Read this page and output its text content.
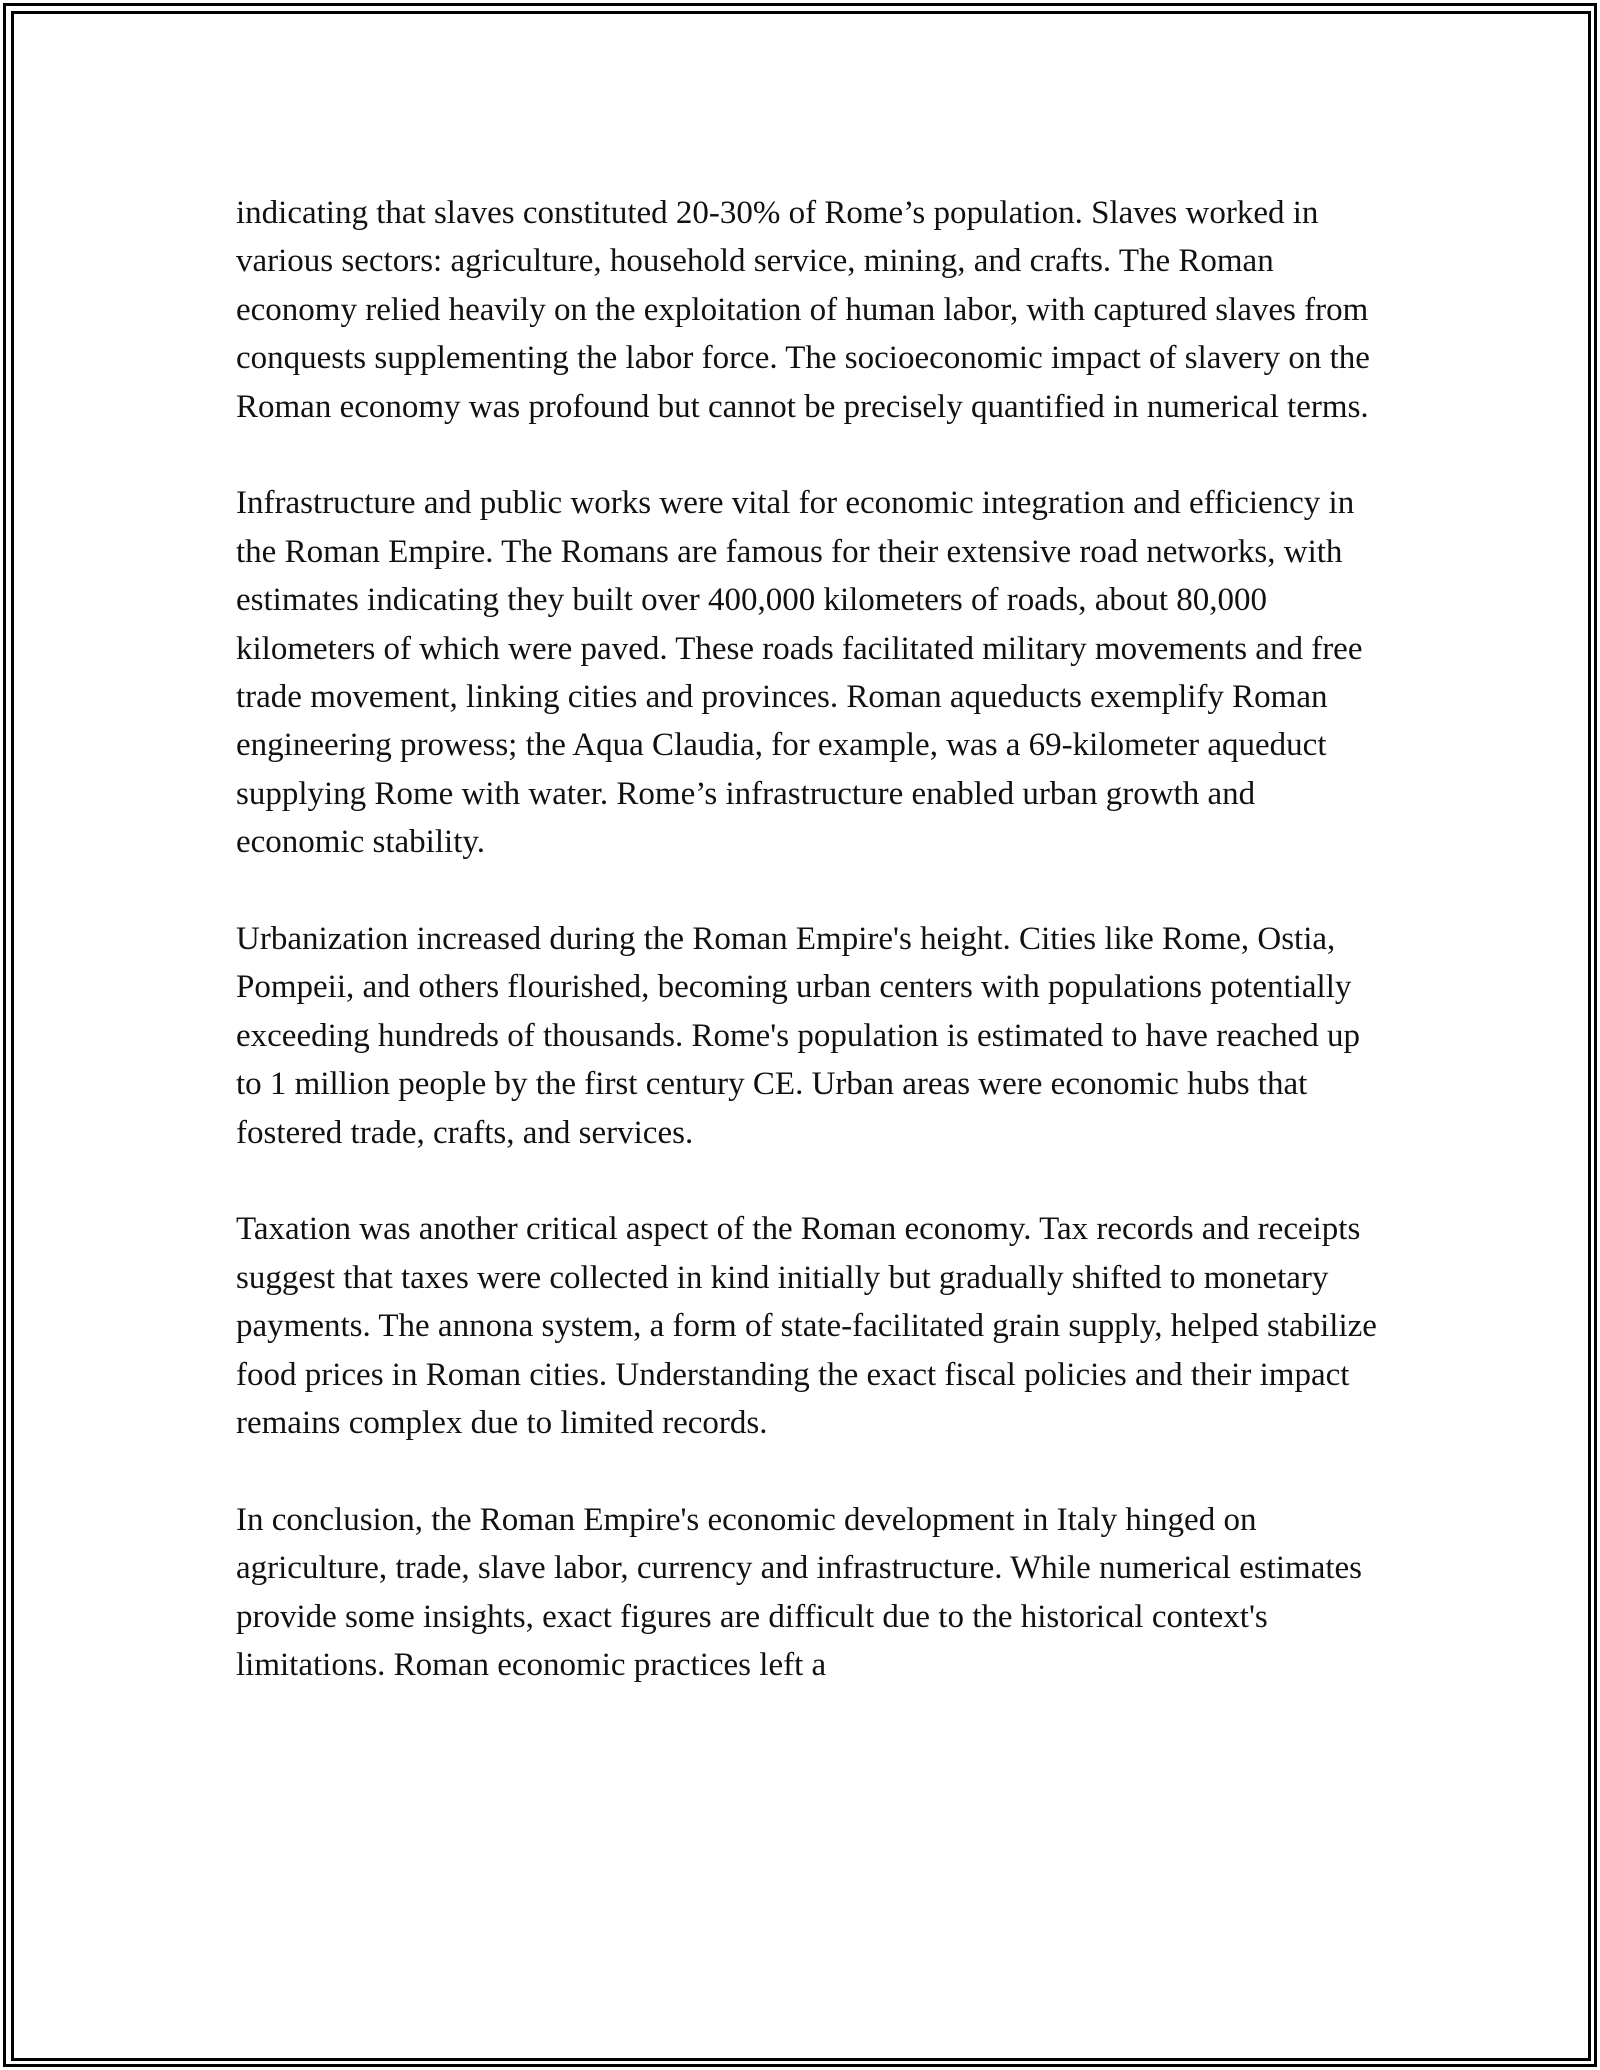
indicating that slaves constituted 20-30% of Rome’s population. Slaves worked in various sectors: agriculture, household service, mining, and crafts. The Roman economy relied heavily on the exploitation of human labor, with captured slaves from conquests supplementing the labor force. The socioeconomic impact of slavery on the Roman economy was profound but cannot be precisely quantified in numerical terms.

Infrastructure and public works were vital for economic integration and efficiency in the Roman Empire. The Romans are famous for their extensive road networks, with estimates indicating they built over 400,000 kilometers of roads, about 80,000 kilometers of which were paved. These roads facilitated military movements and free trade movement, linking cities and provinces. Roman aqueducts exemplify Roman engineering prowess; the Aqua Claudia, for example, was a 69-kilometer aqueduct supplying Rome with water. Rome’s infrastructure enabled urban growth and economic stability.

Urbanization increased during the Roman Empire's height. Cities like Rome, Ostia, Pompeii, and others flourished, becoming urban centers with populations potentially exceeding hundreds of thousands. Rome's population is estimated to have reached up to 1 million people by the first century CE. Urban areas were economic hubs that fostered trade, crafts, and services.

Taxation was another critical aspect of the Roman economy. Tax records and receipts suggest that taxes were collected in kind initially but gradually shifted to monetary payments. The annona system, a form of state-facilitated grain supply, helped stabilize food prices in Roman cities. Understanding the exact fiscal policies and their impact remains complex due to limited records.

In conclusion, the Roman Empire's economic development in Italy hinged on agriculture, trade, slave labor, currency and infrastructure. While numerical estimates provide some insights, exact figures are difficult due to the historical context's limitations. Roman economic practices left a
